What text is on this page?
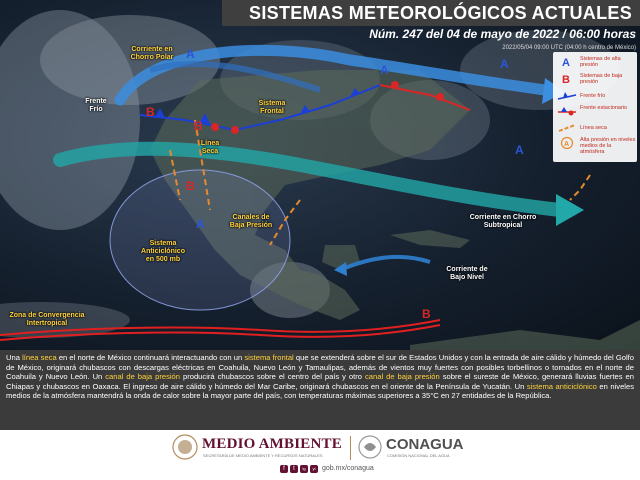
A
A	A
A
A
B
B
B
B
Corriente en Chorro Polar
Frente Frío
Sistema Frontal
Línea Seca
Sistema Anticiclónico en 500 mb
Canales de Baja Presión
Corriente en Chorro Subtropical
Corriente de Bajo Nivel
Zona de Convergencia Intertropical
SISTEMAS METEOROLÓGICOS ACTUALES
Núm. 247 del 04 de mayo de 2022 / 06:00 horas
2022/05/04 09:00 UTC (04:00 h centro de México)
A Sistemas de alta presión
B Sistemas de baja presión
Frente frío
Frente estacionario
Línea seca
A
Alta presión en niveles medios de la atmósfera
Una línea seca en el norte de México continuará interactuando con un sistema frontal que se extenderá sobre el sur de Estados Unidos y con la entrada de aire cálido y húmedo del Golfo de México, originará chubascos con descargas eléctricas en Coahuila, Nuevo León y Tamaulipas, además de vientos muy fuertes con posibles torbellinos o tornados en el norte de Coahuila y Nuevo León. Un canal de baja presión producirá chubascos sobre el centro del país y otro canal de baja presión sobre el sureste de México, generará lluvias fuertes en Chiapas y chubascos en Oaxaca. El ingreso de aire cálido y húmedo del Mar Caribe, originará chubascos en el oriente de la Península de Yucatán. Un sistema anticiclónico en niveles medios de la atmósfera mantendrá la onda de calor sobre la mayor parte del país, con temperaturas máximas superiores a 35°C en 27 entidades de la República.
MEDIO AMBIENTE
SECRETARÍA DE MEDIO AMBIENTE Y RECURSOS NATURALES
CONAGUA
COMISIÓN NACIONAL DEL AGUA
f	t	ig	yt gob.mx/conagua
